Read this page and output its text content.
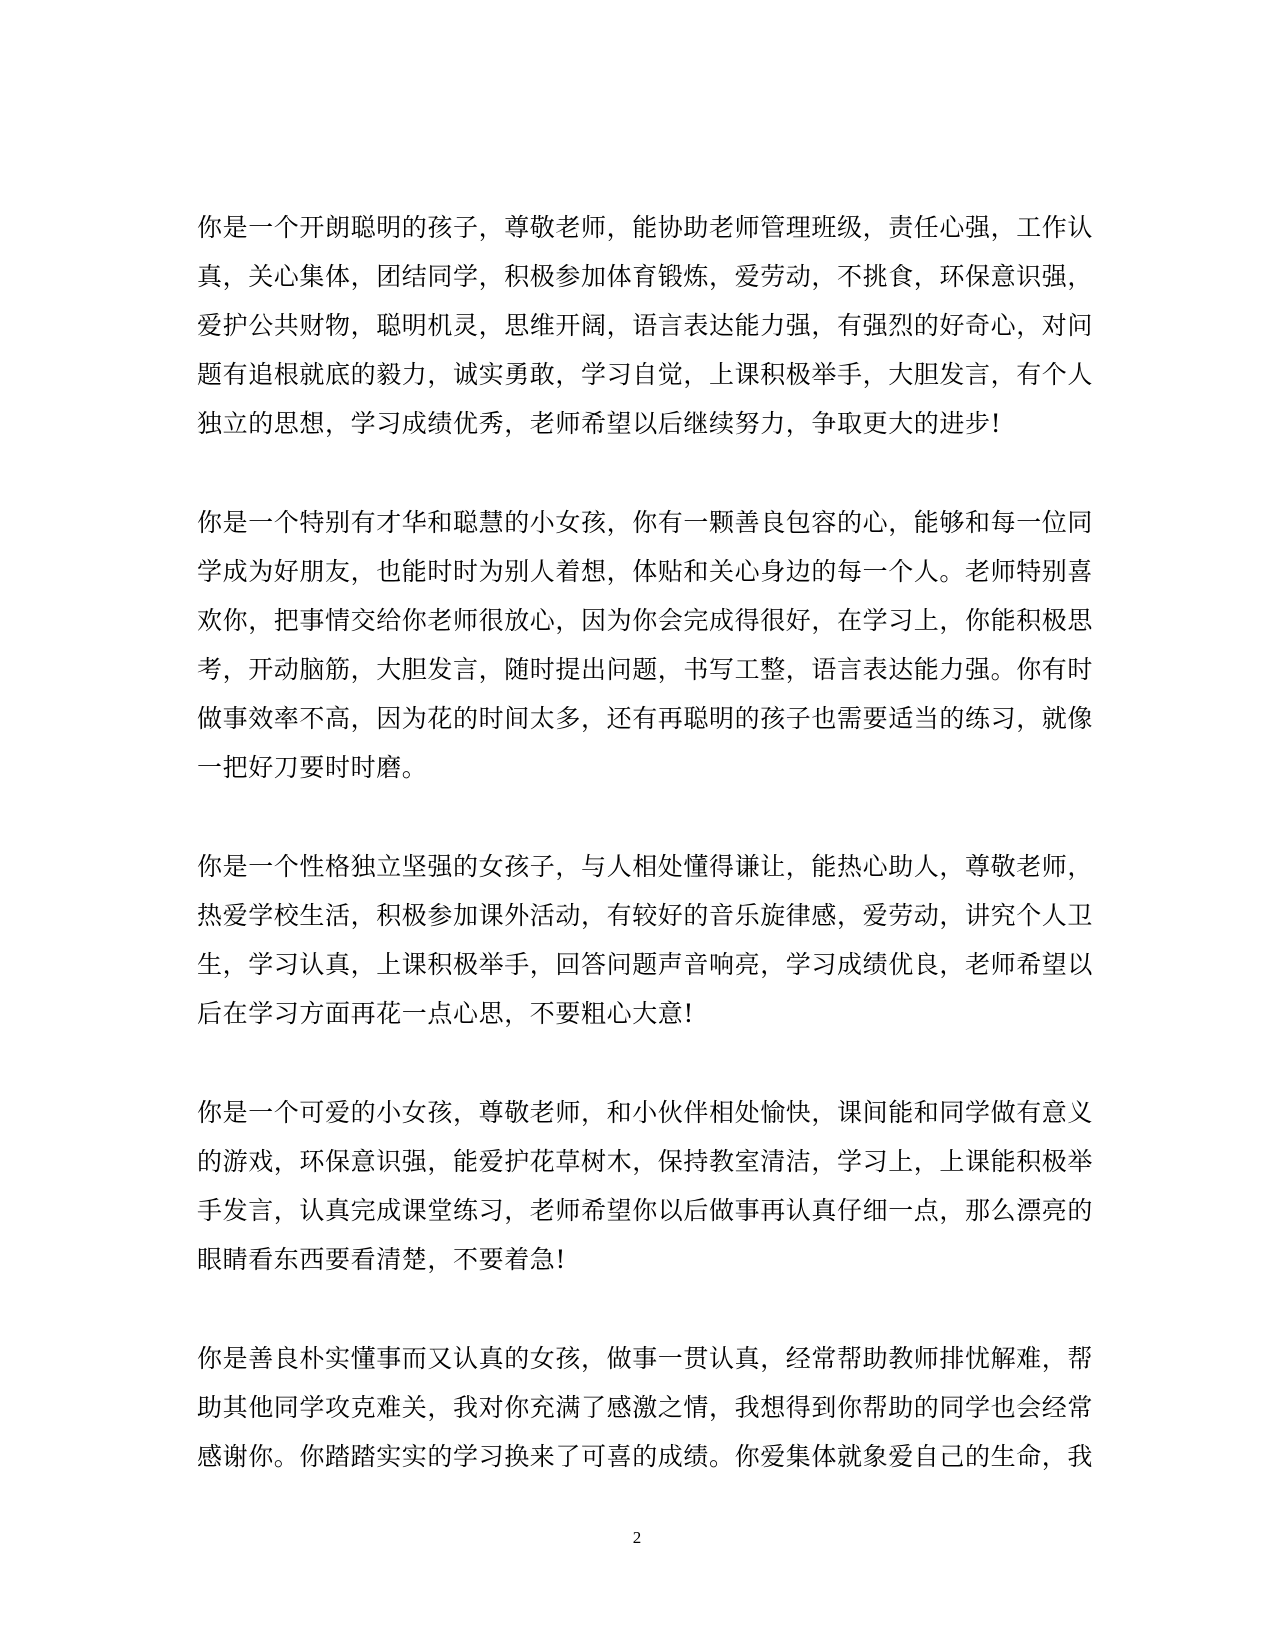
你是一个开朗聪明的孩子，尊敬老师，能协助老师管理班级，责任心强，工作认
真，关心集体，团结同学，积极参加体育锻炼，爱劳动，不挑食，环保意识强，
爱护公共财物，聪明机灵，思维开阔，语言表达能力强，有强烈的好奇心，对问
题有追根就底的毅力，诚实勇敢，学习自觉，上课积极举手，大胆发言，有个人
独立的思想，学习成绩优秀，老师希望以后继续努力，争取更大的进步!

你是一个特别有才华和聪慧的小女孩，你有一颗善良包容的心，能够和每一位同
学成为好朋友，也能时时为别人着想，体贴和关心身边的每一个人。老师特别喜
欢你，把事情交给你老师很放心，因为你会完成得很好，在学习上，你能积极思
考，开动脑筋，大胆发言，随时提出问题，书写工整，语言表达能力强。你有时
做事效率不高，因为花的时间太多，还有再聪明的孩子也需要适当的练习，就像
一把好刀要时时磨。

你是一个性格独立坚强的女孩子，与人相处懂得谦让，能热心助人，尊敬老师，
热爱学校生活，积极参加课外活动，有较好的音乐旋律感，爱劳动，讲究个人卫
生，学习认真，上课积极举手，回答问题声音响亮，学习成绩优良，老师希望以
后在学习方面再花一点心思，不要粗心大意!

你是一个可爱的小女孩，尊敬老师，和小伙伴相处愉快，课间能和同学做有意义
的游戏，环保意识强，能爱护花草树木，保持教室清洁，学习上，上课能积极举
手发言，认真完成课堂练习，老师希望你以后做事再认真仔细一点，那么漂亮的
眼睛看东西要看清楚，不要着急!

你是善良朴实懂事而又认真的女孩，做事一贯认真，经常帮助教师排忧解难，帮
助其他同学攻克难关，我对你充满了感激之情，我想得到你帮助的同学也会经常
感谢你。你踏踏实实的学习换来了可喜的成绩。你爱集体就象爱自己的生命，我

2
